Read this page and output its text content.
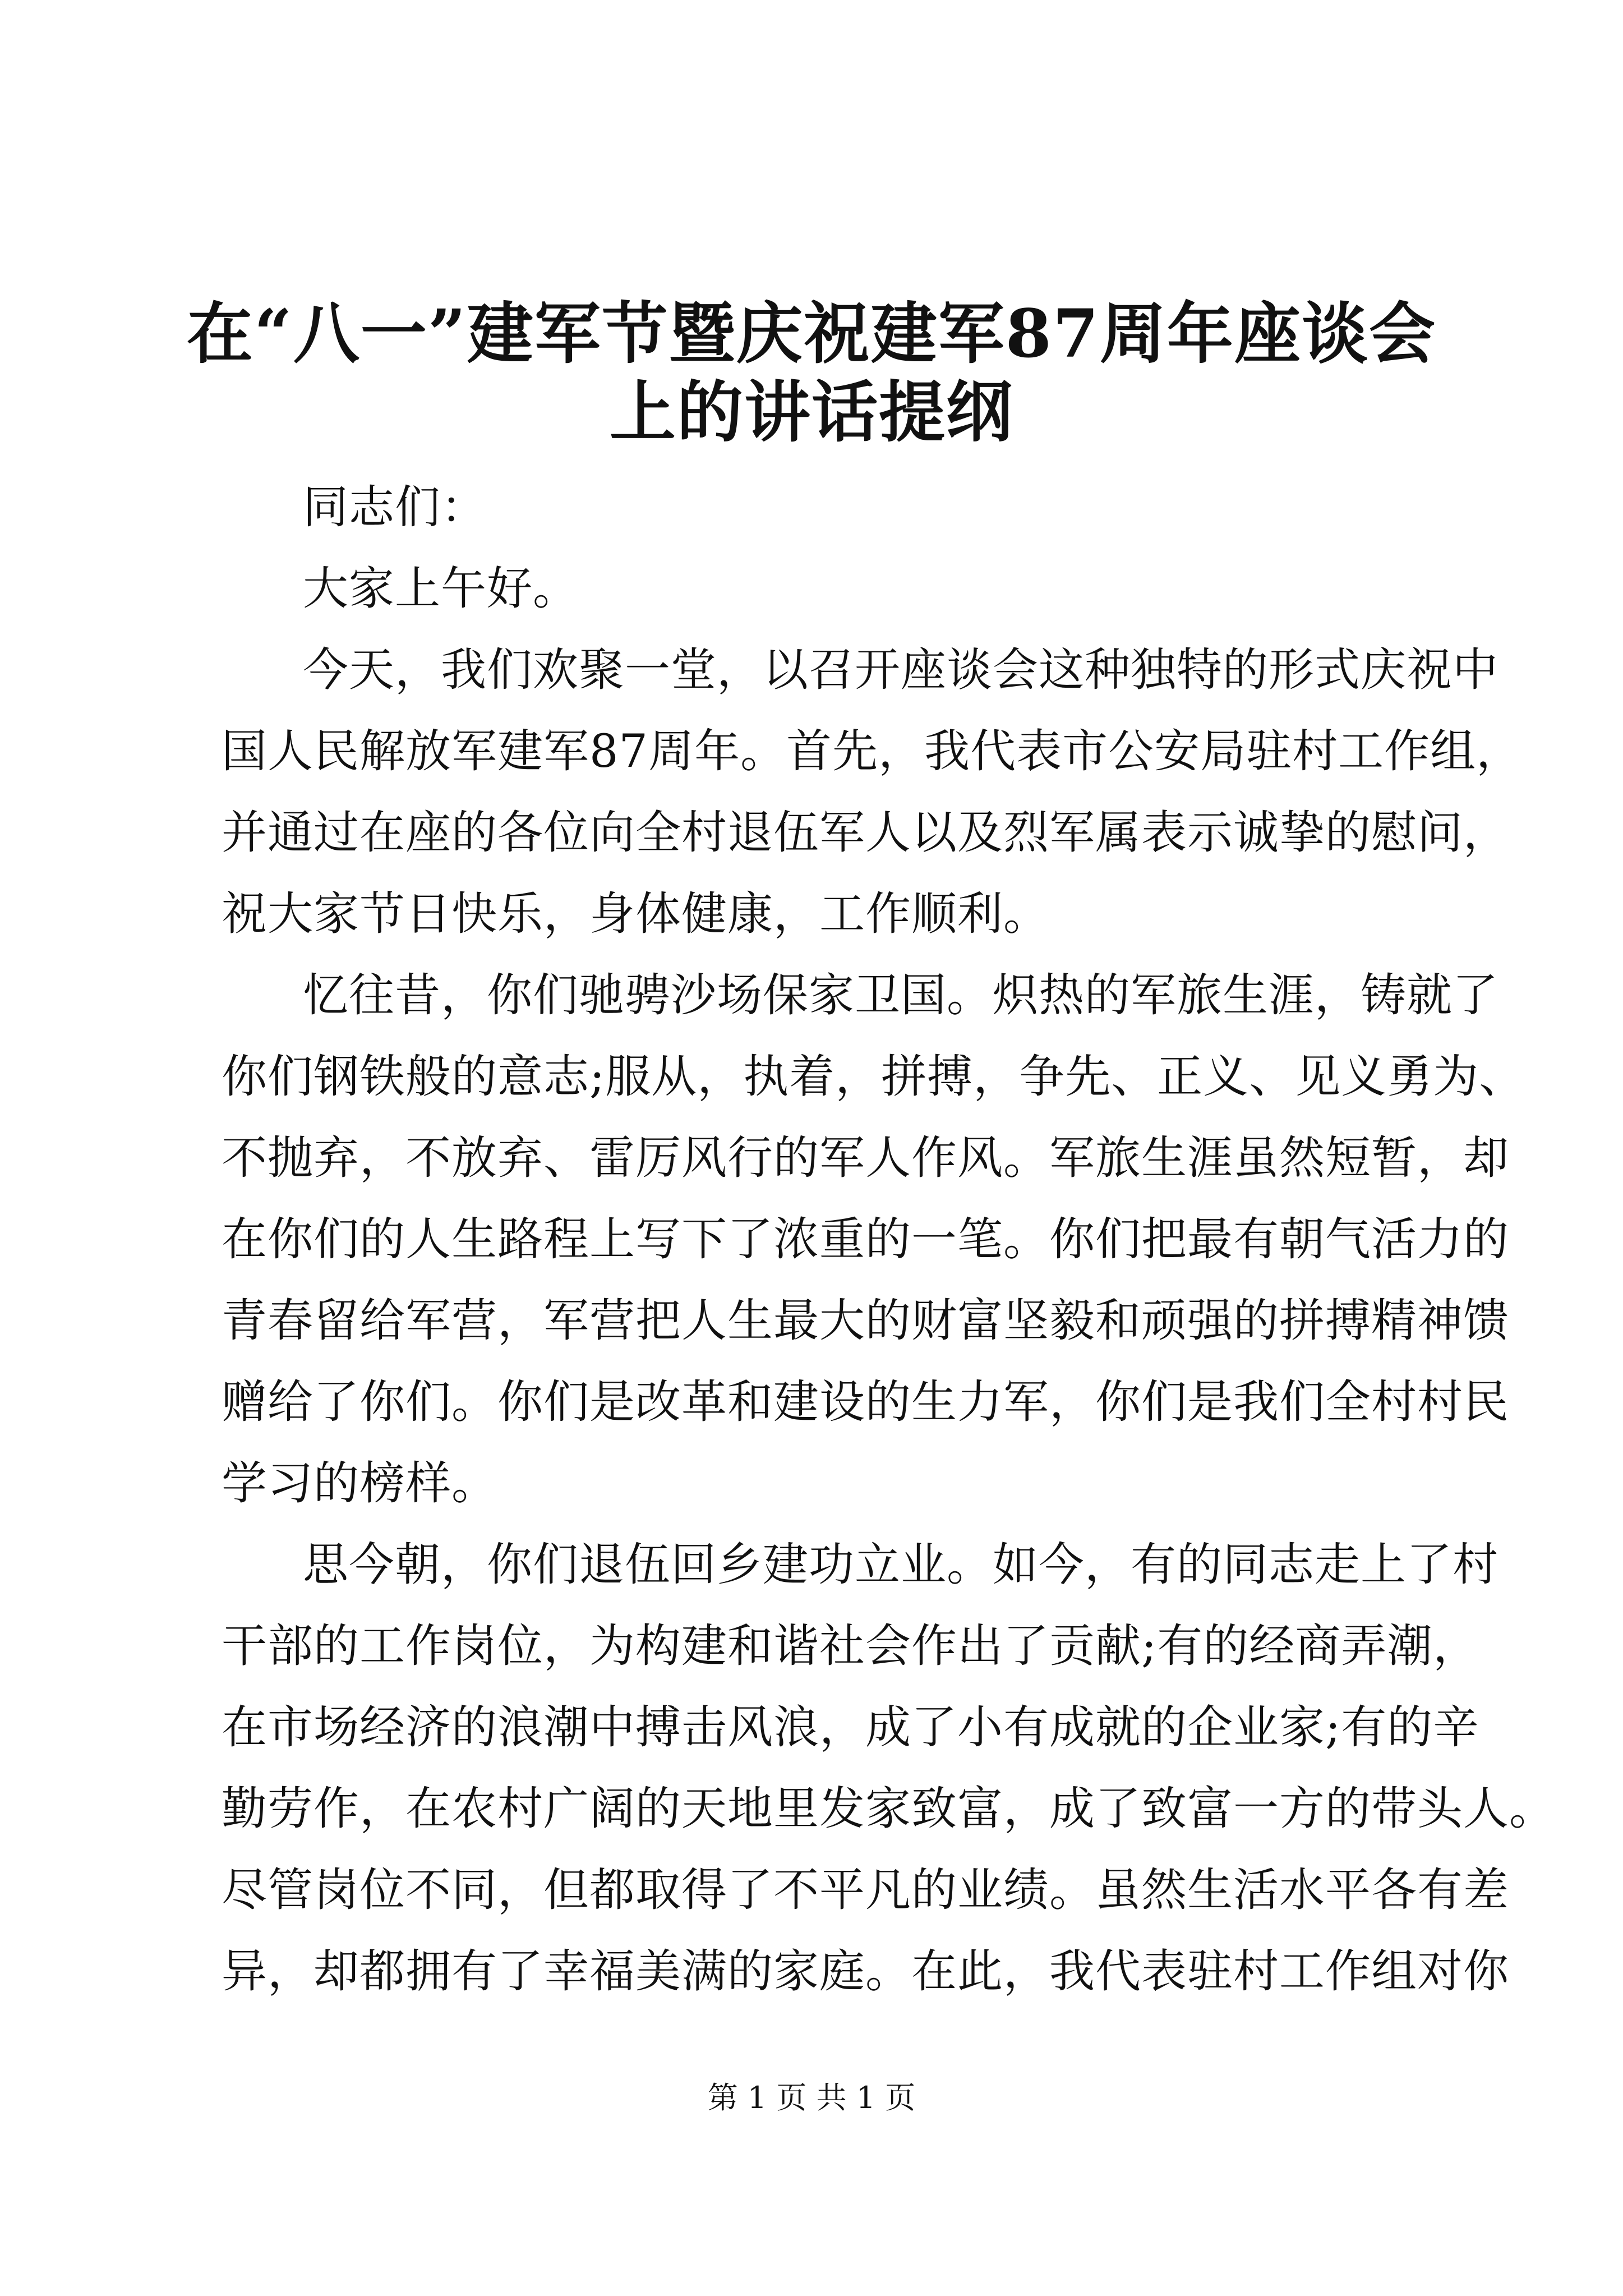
在“八一”建军节暨庆祝建军87周年座谈会
上的讲话提纲
同志们：
大家上午好。
今天，我们欢聚一堂，以召开座谈会这种独特的形式庆祝中
国人民解放军建军87周年。首先，我代表市公安局驻村工作组，
并通过在座的各位向全村退伍军人以及烈军属表示诚挚的慰问，
祝大家节日快乐，身体健康，工作顺利。
忆往昔，你们驰骋沙场保家卫国。炽热的军旅生涯，铸就了
你们钢铁般的意志;服从，执着，拼搏，争先、正义、见义勇为、
不抛弃，不放弃、雷厉风行的军人作风。军旅生涯虽然短暂，却
在你们的人生路程上写下了浓重的一笔。你们把最有朝气活力的
青春留给军营，军营把人生最大的财富坚毅和顽强的拼搏精神馈
赠给了你们。你们是改革和建设的生力军，你们是我们全村村民
学习的榜样。
思今朝，你们退伍回乡建功立业。如今，有的同志走上了村
干部的工作岗位，为构建和谐社会作出了贡献;有的经商弄潮，
在市场经济的浪潮中搏击风浪，成了小有成就的企业家;有的辛
勤劳作，在农村广阔的天地里发家致富，成了致富一方的带头人。
尽管岗位不同，但都取得了不平凡的业绩。虽然生活水平各有差
异，却都拥有了幸福美满的家庭。在此，我代表驻村工作组对你
第 1 页 共 1 页
